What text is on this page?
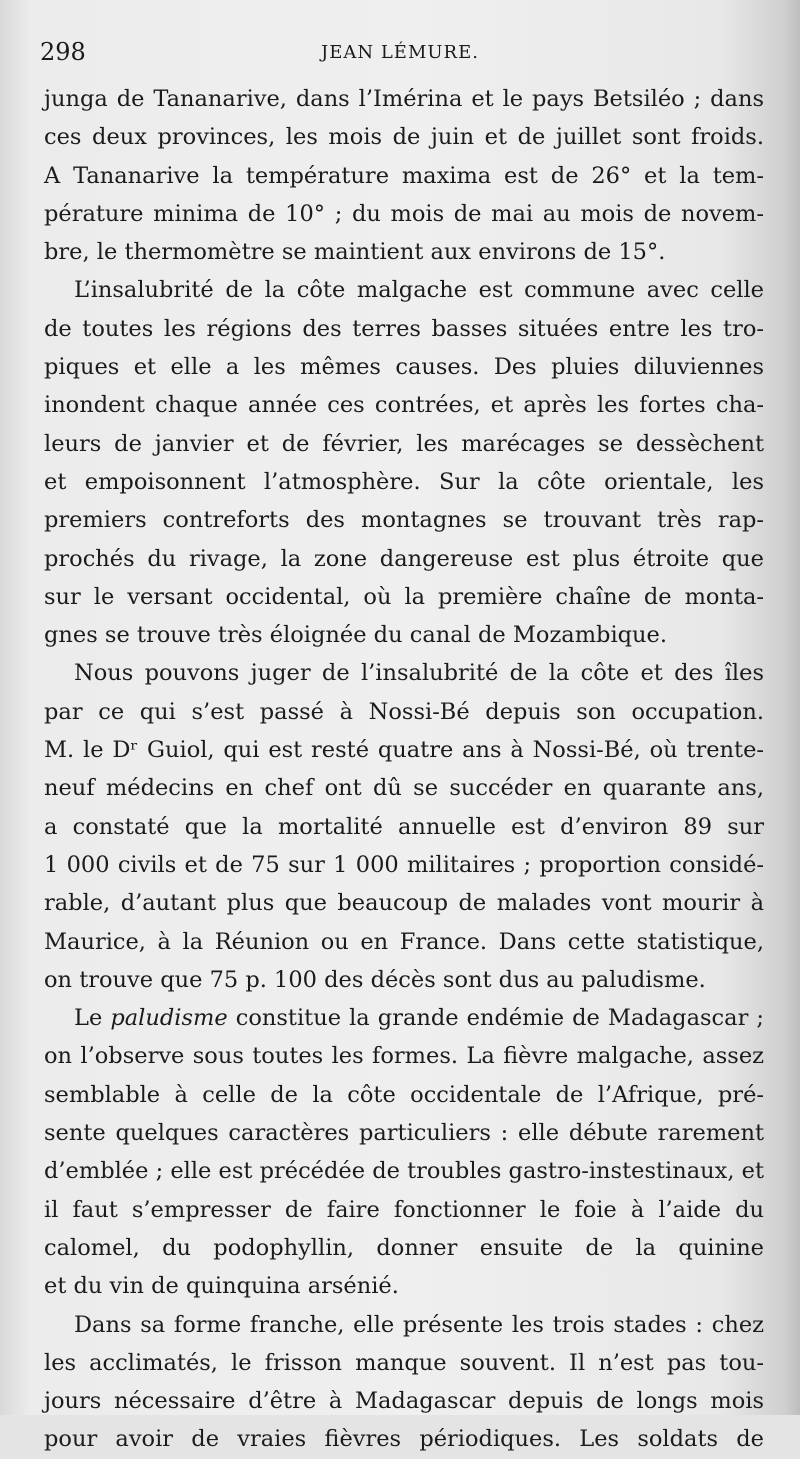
298	JEAN LÉMURE.
junga de Tananarive, dans l’Imérina et le pays Betsiléo ; dans
ces deux provinces, les mois de juin et de juillet sont froids.
A Tananarive la température maxima est de 26° et la tem-
pérature minima de 10° ; du mois de mai au mois de novem-
bre, le thermomètre se maintient aux environs de 15°.
L’insalubrité de la côte malgache est commune avec celle
de toutes les régions des terres basses situées entre les tro-
piques et elle a les mêmes causes. Des pluies diluviennes
inondent chaque année ces contrées, et après les fortes cha-
leurs de janvier et de février, les marécages se dessèchent
et empoisonnent l’atmosphère. Sur la côte orientale, les
premiers contreforts des montagnes se trouvant très rap-
prochés du rivage, la zone dangereuse est plus étroite que
sur le versant occidental, où la première chaîne de monta-
gnes se trouve très éloignée du canal de Mozambique.
Nous pouvons juger de l’insalubrité de la côte et des îles
par ce qui s’est passé à Nossi-Bé depuis son occupation.
M. le Dʳ Guiol, qui est resté quatre ans à Nossi-Bé, où trente-
neuf médecins en chef ont dû se succéder en quarante ans,
a constaté que la mortalité annuelle est d’environ 89 sur
1 000 civils et de 75 sur 1 000 militaires ; proportion considé-
rable, d’autant plus que beaucoup de malades vont mourir à
Maurice, à la Réunion ou en France. Dans cette statistique,
on trouve que 75 p. 100 des décès sont dus au paludisme.
Le paludisme constitue la grande endémie de Madagascar ;
on l’observe sous toutes les formes. La fièvre malgache, assez
semblable à celle de la côte occidentale de l’Afrique, pré-
sente quelques caractères particuliers : elle débute rarement
d’emblée ; elle est précédée de troubles gastro-instestinaux, et
il faut s’empresser de faire fonctionner le foie à l’aide du
calomel, du podophyllin, donner ensuite de la quinine
et du vin de quinquina arsénié.
Dans sa forme franche, elle présente les trois stades : chez
les acclimatés, le frisson manque souvent. Il n’est pas tou-
jours nécessaire d’être à Madagascar depuis de longs mois
pour avoir de vraies fièvres périodiques. Les soldats de
